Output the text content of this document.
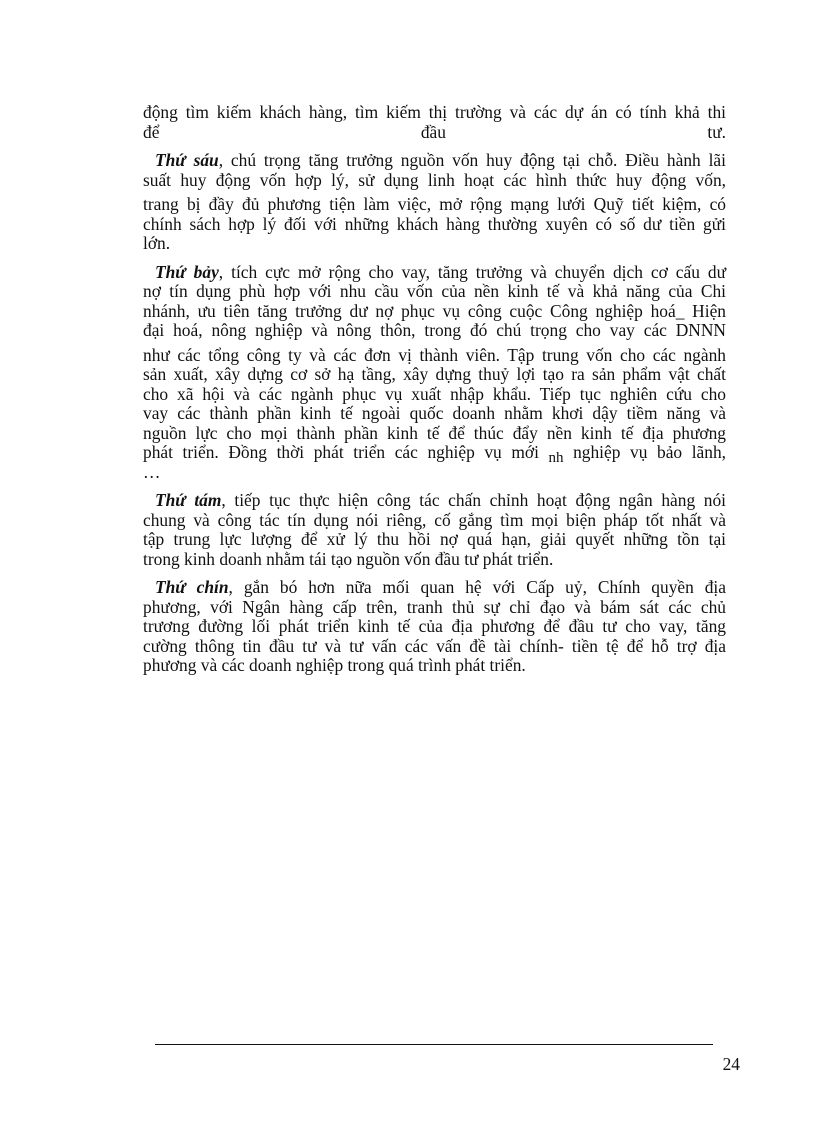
động tìm kiếm khách hàng, tìm kiếm thị trường và các dự án có tính khả thi
để	đầu	tư.
Thứ sáu, chú trọng tăng trưởng nguồn vốn huy động tại chỗ. Điều hành lãi
suất huy động vốn hợp lý, sử dụng linh hoạt các hình thức huy động vốn,
trang bị đầy đủ phương tiện làm việc, mở rộng mạng lưới Quỹ tiết kiệm, có
chính sách hợp lý đối với những khách hàng thường xuyên có số dư tiền gửi
lớn.
Thứ bảy, tích cực mở rộng cho vay, tăng trưởng và chuyển dịch cơ cấu dư
nợ tín dụng phù hợp với nhu cầu vốn của nền kinh tế và khả năng của Chi
nhánh, ưu tiên tăng trưởng dư nợ phục vụ công cuộc Công nghiệp hoá_ Hiện
đại hoá, nông nghiệp và nông thôn, trong đó chú trọng cho vay các DNNN
như các tổng công ty và các đơn vị thành viên. Tập trung vốn cho các ngành
sản xuất, xây dựng cơ sở hạ tầng, xây dựng thuỷ lợi tạo ra sản phẩm vật chất
cho xã hội và các ngành phục vụ xuất nhập khẩu. Tiếp tục nghiên cứu cho
vay các thành phần kinh tế ngoài quốc doanh nhằm khơi dậy tiềm năng và
nguồn lực cho mọi thành phần kinh tế để thúc đẩy nền kinh tế địa phương
phát triển. Đồng thời phát triển các nghiệp vụ mới nh nghiệp vụ bảo lãnh,
…
Thứ tám, tiếp tục thực hiện công tác chấn chỉnh hoạt động ngân hàng nói
chung và công tác tín dụng nói riêng, cố gắng tìm mọi biện pháp tốt nhất và
tập trung lực lượng để xử lý thu hồi nợ quá hạn, giải quyết những tồn tại
trong kinh doanh nhằm tái tạo nguồn vốn đầu tư phát triển.
Thứ chín, gắn bó hơn nữa mối quan hệ với Cấp uỷ, Chính quyền địa
phương, với Ngân hàng cấp trên, tranh thủ sự chỉ đạo và bám sát các chủ
trương đường lối phát triển kinh tế của địa phương để đầu tư cho vay, tăng
cường thông tin đầu tư và tư vấn các vấn đề tài chính- tiền tệ để hỗ trợ địa
phương và các doanh nghiệp trong quá trình phát triển.
24
